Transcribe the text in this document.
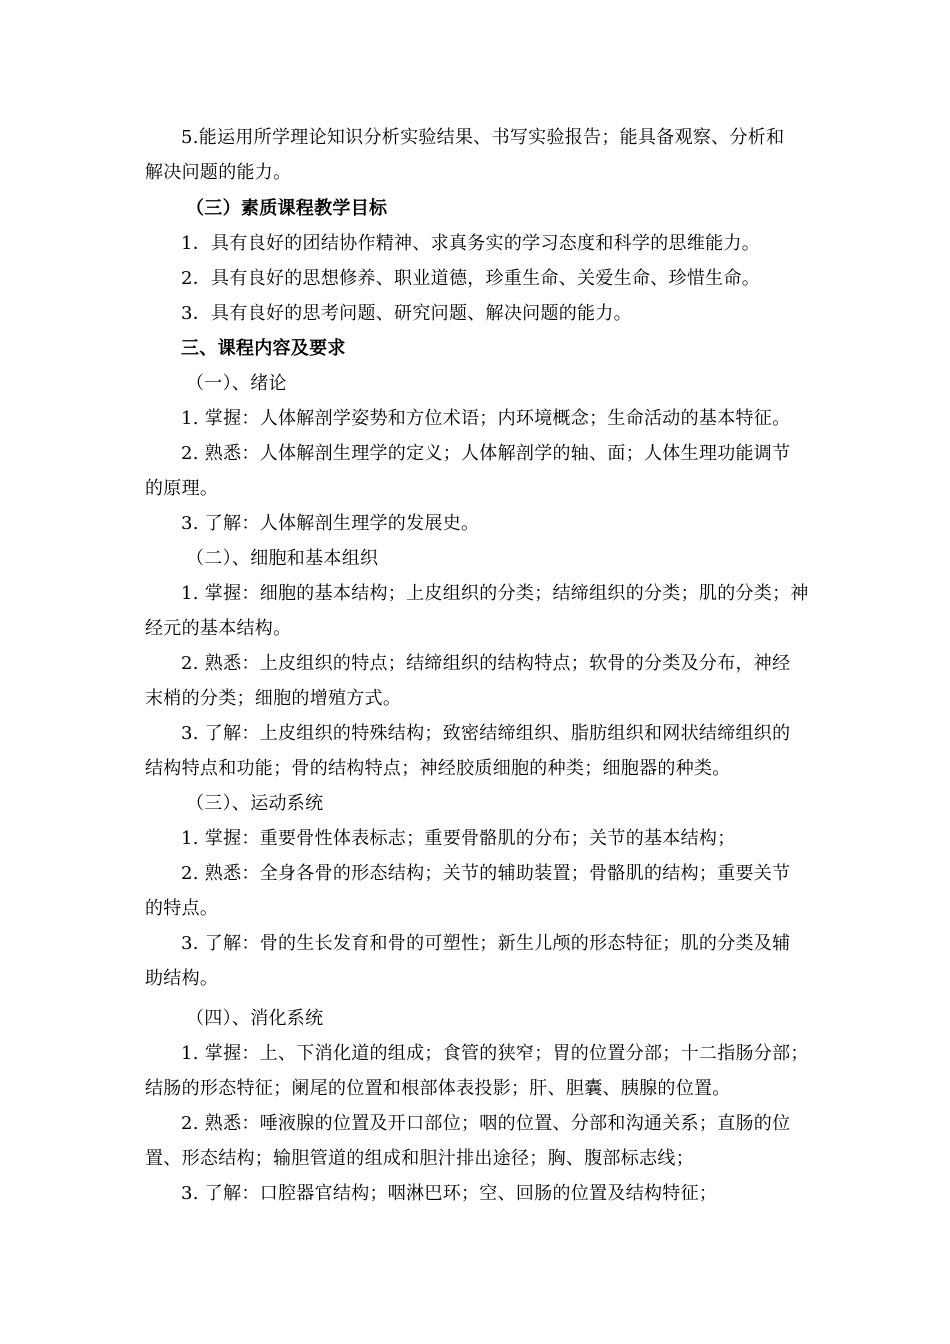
5.能运用所学理论知识分析实验结果、书写实验报告；能具备观察、分析和
解决问题的能力。
（三）素质课程教学目标
1．具有良好的团结协作精神、求真务实的学习态度和科学的思维能力。
2．具有良好的思想修养、职业道德，珍重生命、关爱生命、珍惜生命。
3．具有良好的思考问题、研究问题、解决问题的能力。
三、课程内容及要求
（一）、绪论
1. 掌握：人体解剖学姿势和方位术语；内环境概念；生命活动的基本特征。
2. 熟悉：人体解剖生理学的定义；人体解剖学的轴、面；人体生理功能调节
的原理。
3. 了解：人体解剖生理学的发展史。
（二）、细胞和基本组织
1. 掌握：细胞的基本结构；上皮组织的分类；结缔组织的分类；肌的分类；神
经元的基本结构。
2. 熟悉：上皮组织的特点；结缔组织的结构特点；软骨的分类及分布，神经
末梢的分类；细胞的增殖方式。
3. 了解：上皮组织的特殊结构；致密结缔组织、脂肪组织和网状结缔组织的
结构特点和功能；骨的结构特点；神经胶质细胞的种类；细胞器的种类。
（三）、运动系统
1. 掌握：重要骨性体表标志；重要骨骼肌的分布；关节的基本结构；
2. 熟悉：全身各骨的形态结构；关节的辅助装置；骨骼肌的结构；重要关节
的特点。
3. 了解：骨的生长发育和骨的可塑性；新生儿颅的形态特征；肌的分类及辅
助结构。
（四）、消化系统
1. 掌握：上、下消化道的组成；食管的狭窄；胃的位置分部；十二指肠分部；
结肠的形态特征；阑尾的位置和根部体表投影；肝、胆囊、胰腺的位置。
2. 熟悉：唾液腺的位置及开口部位；咽的位置、分部和沟通关系；直肠的位
置、形态结构；输胆管道的组成和胆汁排出途径；胸、腹部标志线；
3. 了解：口腔器官结构；咽淋巴环；空、回肠的位置及结构特征；
